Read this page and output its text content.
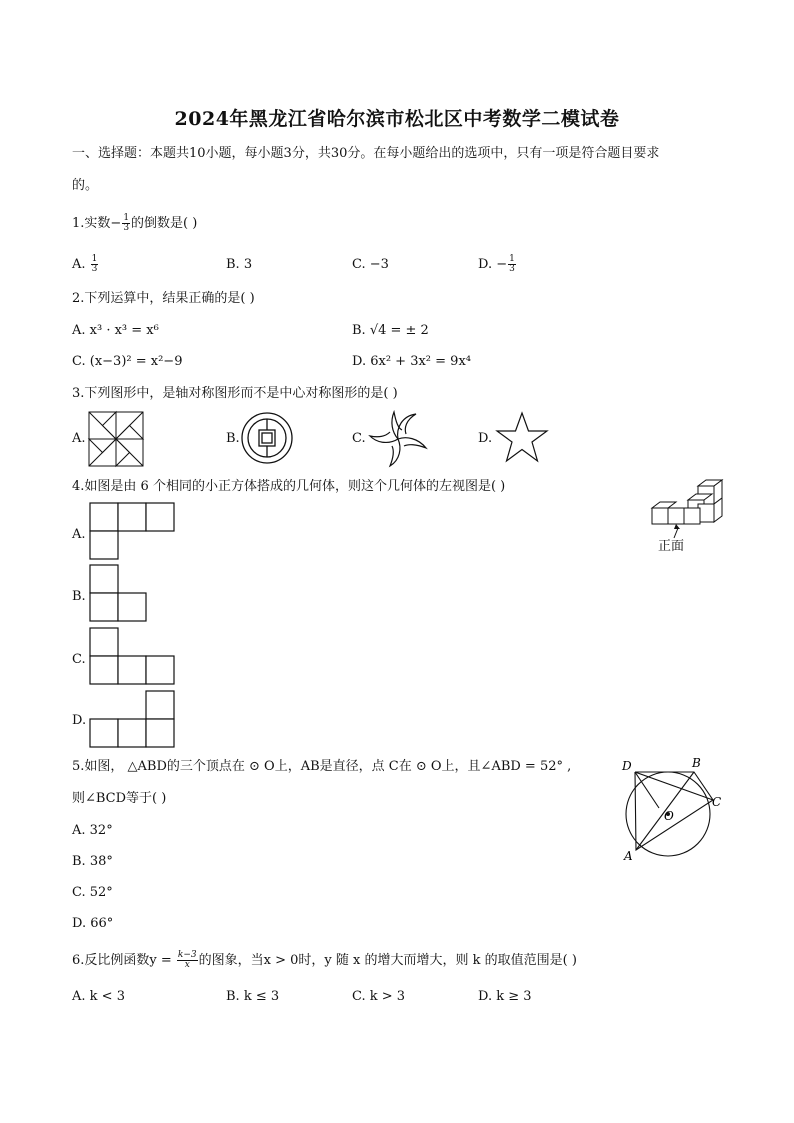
2024年黑龙江省哈尔滨市松北区中考数学二模试卷
一、选择题：本题共10小题，每小题3分，共30分。在每小题给出的选项中，只有一项是符合题目要求
的。
1.实数− $\frac{1}{3}$ 的倒数是( )
A. $\frac{1}{3}$	B. 3	C. −3	D. − $\frac{1}{3}$
2.下列运算中，结果正确的是( )
A. x³ · x³ = x⁶	B. √4 = ± 2
C. (x−3)² = x²−9	D. 6x² + 3x² = 9x⁴
3.下列图形中，是轴对称图形而不是中心对称图形的是( )
A.	B.	C.	D.
4.如图是由 6 个相同的小正方体搭成的几何体，则这个几何体的左视图是( )
正面
A.
B.
C.
D.
5.如图， △ABD的三个顶点在 ⊙ O上，AB是直径，点 C在 ⊙ O上，且∠ABD = 52° ,
则∠BCD等于( )
A. 32°
B. 38°
C. 52°
D. 66°
D	B
C
O
A
6.反比例函数$y = \frac{k-3}{x}$ 的图象，当x > 0时，y 随 x 的增大而增大，则 k 的取值范围是( )
A. k < 3	B. k ≤ 3	C. k > 3	D. k ≥ 3
